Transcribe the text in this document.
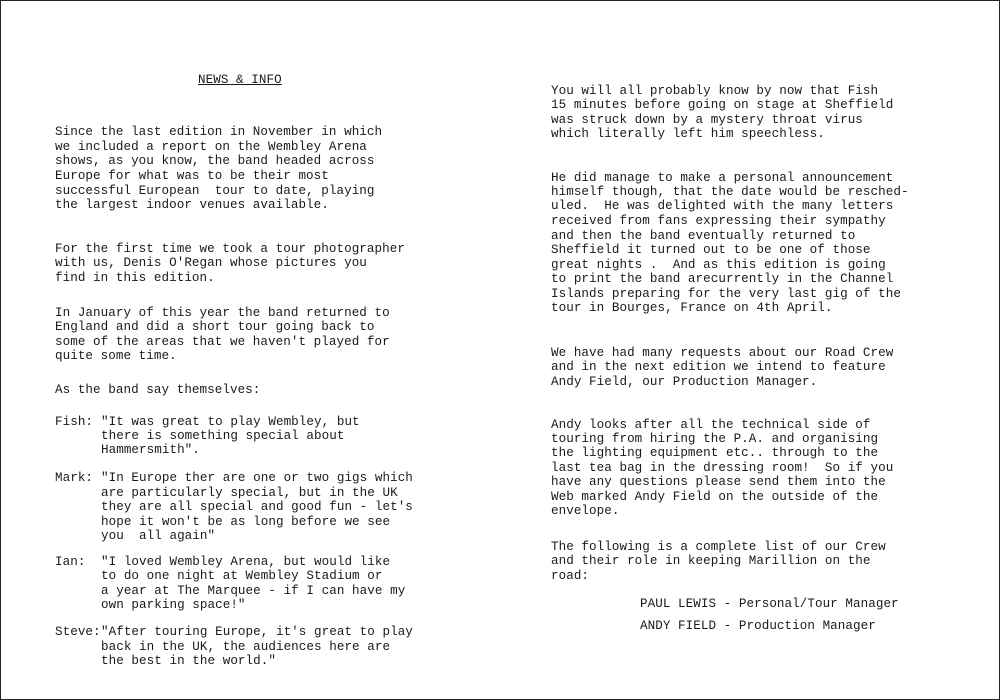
NEWS & INFO

Since the last edition in November in which

we included a report on the Wembley Arena

shows, as you know, the band headed across

Europe for what was to be their most

successful European  tour to date, playing

the largest indoor venues available.

For the first time we took a tour photographer

with us, Denis O'Regan whose pictures you

find in this edition.

In January of this year the band returned to

England and did a short tour going back to

some of the areas that we haven't played for

quite some time.

As the band say themselves:

Fish: "It was great to play Wembley, but

there is something special about

Hammersmith".

Mark: "In Europe ther are one or two gigs which

are particularly special, but in the UK

they are all special and good fun - let's

hope it won't be as long before we see

you  all again"

Ian: "I loved Wembley Arena, but would like

to do one night at Wembley Stadium or

a year at The Marquee - if I can have my

own parking space!"

Steve:"After touring Europe, it's great to play

back in the UK, the audiences here are

the best in the world."

You will all probably know by now that Fish

15 minutes before going on stage at Sheffield

was struck down by a mystery throat virus

which literally left him speechless.

He did manage to make a personal announcement

himself though, that the date would be resched-

uled.  He was delighted with the many letters

received from fans expressing their sympathy

and then the band eventually returned to

Sheffield it turned out to be one of those

great nights .  And as this edition is going

to print the band arecurrently in the Channel

Islands preparing for the very last gig of the

tour in Bourges, France on 4th April.

We have had many requests about our Road Crew

and in the next edition we intend to feature

Andy Field, our Production Manager.

Andy looks after all the technical side of

touring from hiring the P.A. and organising

the lighting equipment etc.. through to the

last tea bag in the dressing room!  So if you

have any questions please send them into the

Web marked Andy Field on the outside of the

envelope.

The following is a complete list of our Crew

and their role in keeping Marillion on the

road:

PAUL LEWIS - Personal/Tour Manager

ANDY FIELD - Production Manager
